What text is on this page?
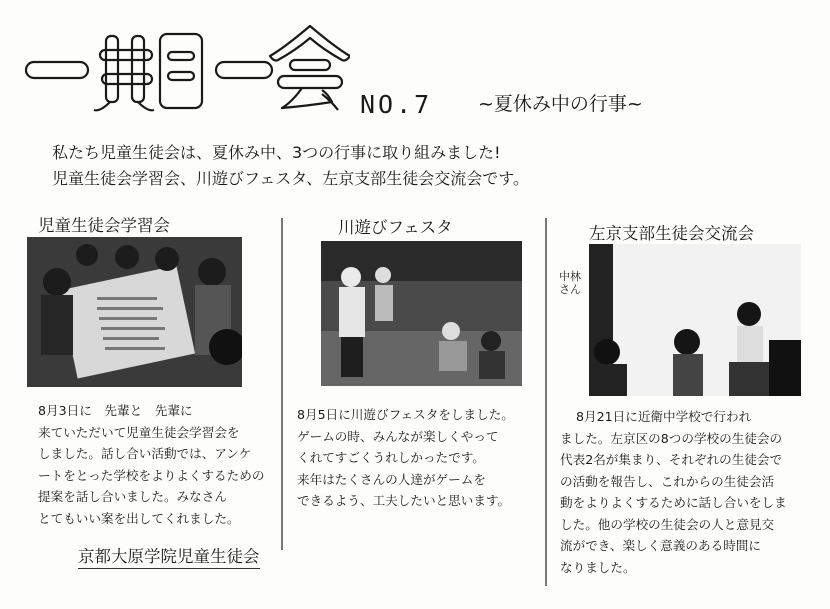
NO.7 ~夏休み中の行事~

私たち児童生徒会は、夏休み中、3つの行事に取り組みました!

児童生徒会学習会、川遊びフェスタ、左京支部生徒会交流会です。

児童生徒会学習会

8月3日に　先輩と　先輩に

来ていただいて児童生徒会学習会を

しました。話し合い活動では、アンケ

ートをとった学校をよりよくするための

提案を話し合いました。みなさん

とてもいい案を出してくれました。

川遊びフェスタ

8月5日に川遊びフェスタをしました。

ゲームの時、みんなが楽しくやって

くれてすごくうれしかったです。

来年はたくさんの人達がゲームを

できるよう、工夫したいと思います。

左京支部生徒会交流会
中林さん

8月21日に近衛中学校で行われ

ました。左京区の8つの学校の生徒会の

代表2名が集まり、それぞれの生徒会で

の活動を報告し、これからの生徒会活

動をよりよくするために話し合いをしま

した。他の学校の生徒会の人と意見交

流ができ、楽しく意義のある時間に

なりました。

京都大原学院児童生徒会
